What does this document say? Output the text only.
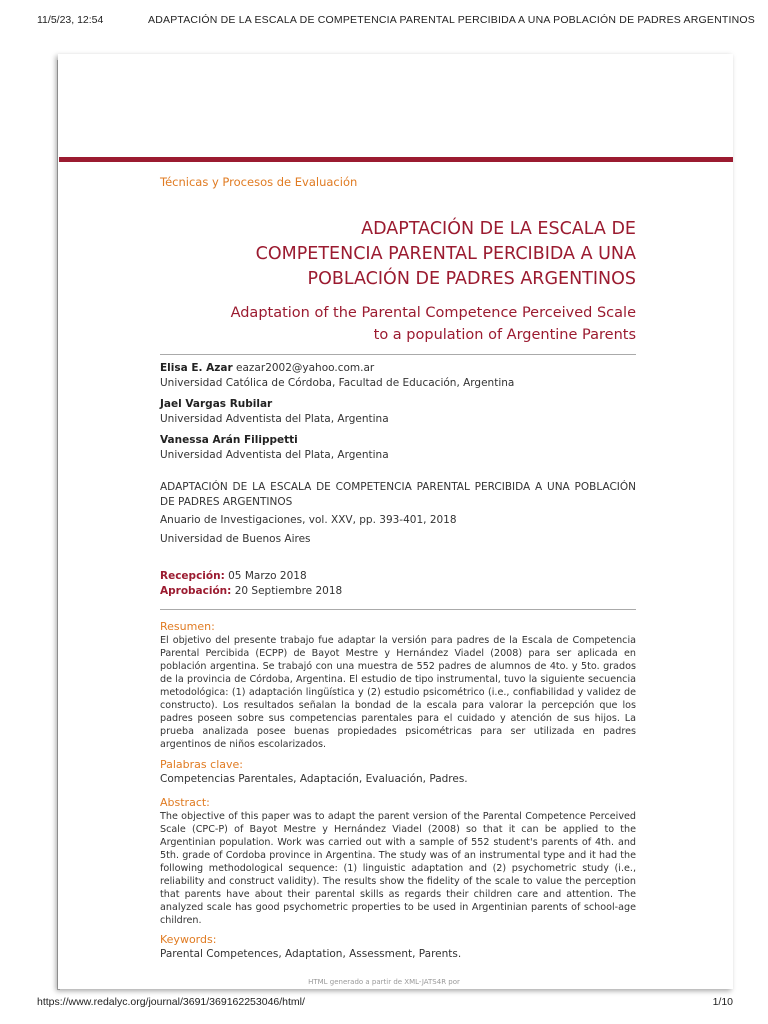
11/5/23, 12:54	ADAPTACIÓN DE LA ESCALA DE COMPETENCIA PARENTAL PERCIBIDA A UNA POBLACIÓN DE PADRES ARGENTINOS
Técnicas y Procesos de Evaluación
ADAPTACIÓN DE LA ESCALA DE COMPETENCIA PARENTAL PERCIBIDA A UNA POBLACIÓN DE PADRES ARGENTINOS
Adaptation of the Parental Competence Perceived Scale to a population of Argentine Parents
Elisa E. Azar eazar2002@yahoo.com.ar
Universidad Católica de Córdoba, Facultad de Educación, Argentina
Jael Vargas Rubilar
Universidad Adventista del Plata, Argentina
Vanessa Arán Filippetti
Universidad Adventista del Plata, Argentina
ADAPTACIÓN DE LA ESCALA DE COMPETENCIA PARENTAL PERCIBIDA A UNA POBLACIÓN DE PADRES ARGENTINOS
Anuario de Investigaciones, vol. XXV, pp. 393-401, 2018
Universidad de Buenos Aires
Recepción: 05 Marzo 2018
Aprobación: 20 Septiembre 2018
Resumen:
El objetivo del presente trabajo fue adaptar la versión para padres de la Escala de Competencia Parental Percibida (ECPP) de Bayot Mestre y Hernández Viadel (2008) para ser aplicada en población argentina. Se trabajó con una muestra de 552 padres de alumnos de 4to. y 5to. grados de la provincia de Córdoba, Argentina. El estudio de tipo instrumental, tuvo la siguiente secuencia metodológica: (1) adaptación lingüística y (2) estudio psicométrico (i.e., confiabilidad y validez de constructo). Los resultados señalan la bondad de la escala para valorar la percepción que los padres poseen sobre sus competencias parentales para el cuidado y atención de sus hijos. La prueba analizada posee buenas propiedades psicométricas para ser utilizada en padres argentinos de niños escolarizados.
Palabras clave:
Competencias Parentales, Adaptación, Evaluación, Padres.
Abstract:
The objective of this paper was to adapt the parent version of the Parental Competence Perceived Scale (CPC-P) of Bayot Mestre y Hernández Viadel (2008) so that it can be applied to the Argentinian population. Work was carried out with a sample of 552 student's parents of 4th. and 5th. grade of Cordoba province in Argentina. The study was of an instrumental type and it had the following methodological sequence: (1) linguistic adaptation and (2) psychometric study (i.e., reliability and construct validity). The results show the fidelity of the scale to value the perception that parents have about their parental skills as regards their children care and attention. The analyzed scale has good psychometric properties to be used in Argentinian parents of school-age children.
Keywords:
Parental Competences, Adaptation, Assessment, Parents.
HTML generado a partir de XML-JATS4R por
https://www.redalyc.org/journal/3691/369162253046/html/	1/10
